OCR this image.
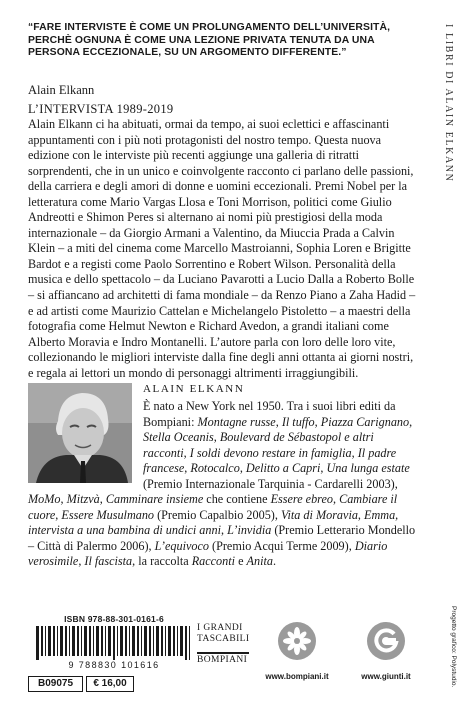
“FARE INTERVISTE È COME UN PROLUNGAMENTO DELL’UNIVERSITÀ, PERCHÈ OGNUNA È COME UNA LEZIONE PRIVATA TENUTA DA UNA PERSONA ECCEZIONALE, SU UN ARGOMENTO DIFFERENTE.”
Alain Elkann	I LIBRI DI ALAIN ELKANN
L’INTERVISTA 1989-2019

Alain Elkann ci ha abituati, ormai da tempo, ai suoi eclettici e affascinanti appuntamenti con i più noti protagonisti del nostro tempo. Questa nuova edizione con le interviste più recenti aggiunge una galleria di ritratti sorprendenti, che in un unico e coinvolgente racconto ci parlano delle passioni, della carriera e degli amori di donne e uomini eccezionali. Premi Nobel per la letteratura come Mario Vargas Llosa e Toni Morrison, politici come Giulio Andreotti e Shimon Peres si alternano ai nomi più prestigiosi della moda internazionale – da Giorgio Armani a Valentino, da Miuccia Prada a Calvin Klein – a miti del cinema come Marcello Mastroianni, Sophia Loren e Brigitte Bardot e a registi come Paolo Sorrentino e Robert Wilson. Personalità della musica e dello spettacolo – da Luciano Pavarotti a Lucio Dalla a Roberto Bolle – si affiancano ad architetti di fama mondiale – da Renzo Piano a Zaha Hadid – e ad artisti come Maurizio Cattelan e Michelangelo Pistoletto – a maestri della fotografia come Helmut Newton e Richard Avedon, a grandi italiani come Alberto Moravia e Indro Montanelli. L’autore parla con loro delle loro vite, collezionando le migliori interviste dalla fine degli anni ottanta ai giorni nostri, e regala ai lettori un mondo di personaggi altrimenti irraggiungibili.

ALAIN ELKANN

È nato a New York nel 1950. Tra i suoi libri editi da Bompiani: Montagne russe, Il tuffo, Piazza Carignano, Stella Oceanis, Boulevard de Sébastopol e altri racconti, I soldi devono restare in famiglia, Il padre francese, Rotocalco, Delitto a Capri, Una lunga estate (Premio Internazionale Tarquinia - Cardarelli 2003), MoMo, Mitzvà, Camminare insieme che contiene Essere ebreo, Cambiare il cuore, Essere Musulmano (Premio Capalbio 2005), Vita di Moravia, Emma, intervista a una bambina di undici anni, L’invidia (Premio Letterario Mondello – Città di Palermo 2006), L’equivoco (Premio Acqui Terme 2009), Diario verosimile, Il fascista, la raccolta Racconti e Anita.

ISBN 978-88-301-0161-6
9 788830 101616
B09075	€ 16,00
I GRANDI
TASCABILI
BOMPIANI
www.bompiani.it	www.giunti.it	Progetto grafico: Polystudio.
